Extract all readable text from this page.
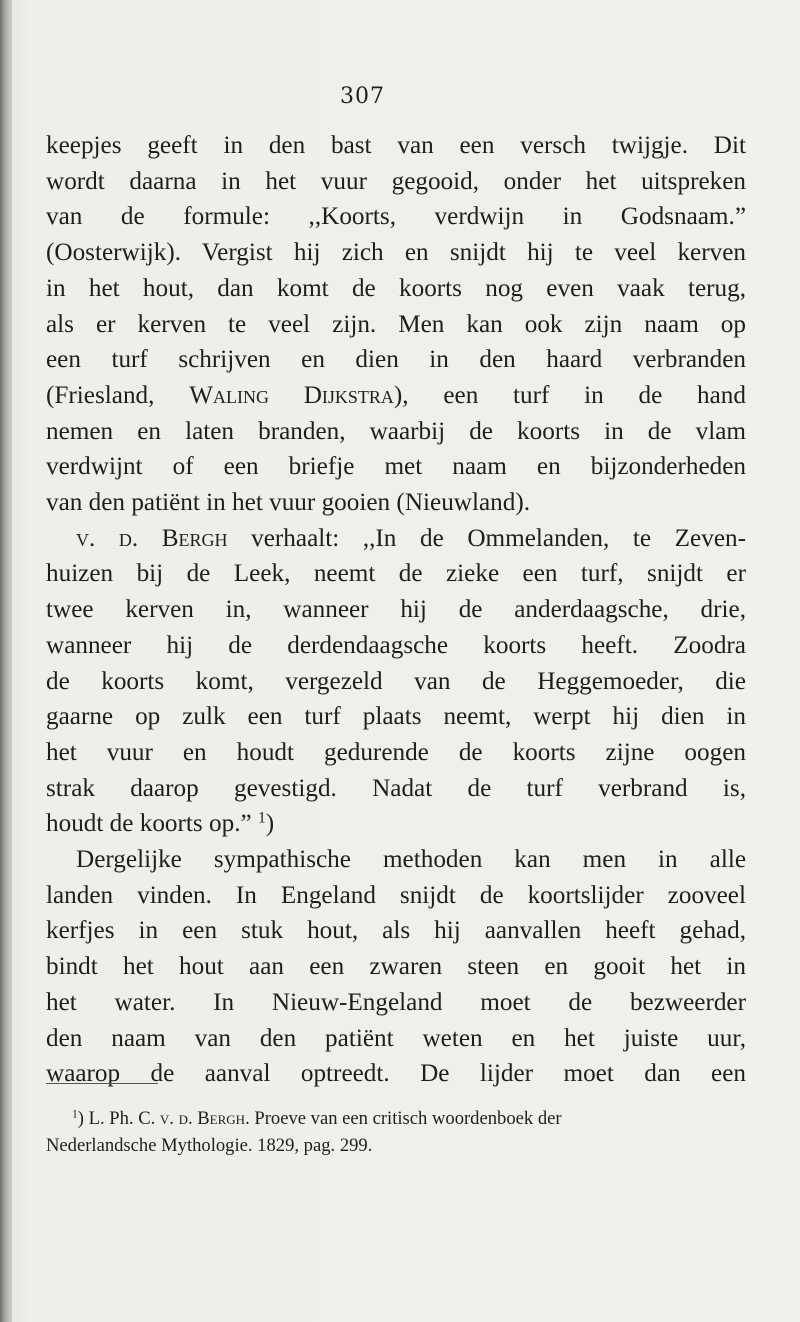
307
keepjes geeft in den bast van een versch twijgje. Dit
wordt daarna in het vuur gegooid, onder het uitspreken
van de formule: ,,Koorts, verdwijn in Godsnaam.”
(Oosterwijk). Vergist hij zich en snijdt hij te veel kerven
in het hout, dan komt de koorts nog even vaak terug,
als er kerven te veel zijn. Men kan ook zijn naam op
een turf schrijven en dien in den haard verbranden
(Friesland, Waling Dijkstra), een turf in de hand
nemen en laten branden, waarbij de koorts in de vlam
verdwijnt of een briefje met naam en bijzonderheden
van den patiënt in het vuur gooien (Nieuwland).
v. d. Bergh verhaalt: ,,In de Ommelanden, te Zeven-
huizen bij de Leek, neemt de zieke een turf, snijdt er
twee kerven in, wanneer hij de anderdaagsche, drie,
wanneer hij de derdendaagsche koorts heeft. Zoodra
de koorts komt, vergezeld van de Heggemoeder, die
gaarne op zulk een turf plaats neemt, werpt hij dien in
het vuur en houdt gedurende de koorts zijne oogen
strak daarop gevestigd. Nadat de turf verbrand is,
houdt de koorts op.” $^1$)
Dergelijke sympathische methoden kan men in alle
landen vinden. In Engeland snijdt de koortslijder zooveel
kerfjes in een stuk hout, als hij aanvallen heeft gehad,
bindt het hout aan een zwaren steen en gooit het in
het water. In Nieuw-Engeland moet de bezweerder
den naam van den patiënt weten en het juiste uur,
waarop de aanval optreedt. De lijder moet dan een
$^1$) L. Ph. C. v. d. Bergh. Proeve van een critisch woordenboek der
Nederlandsche Mythologie. 1829, pag. 299.
